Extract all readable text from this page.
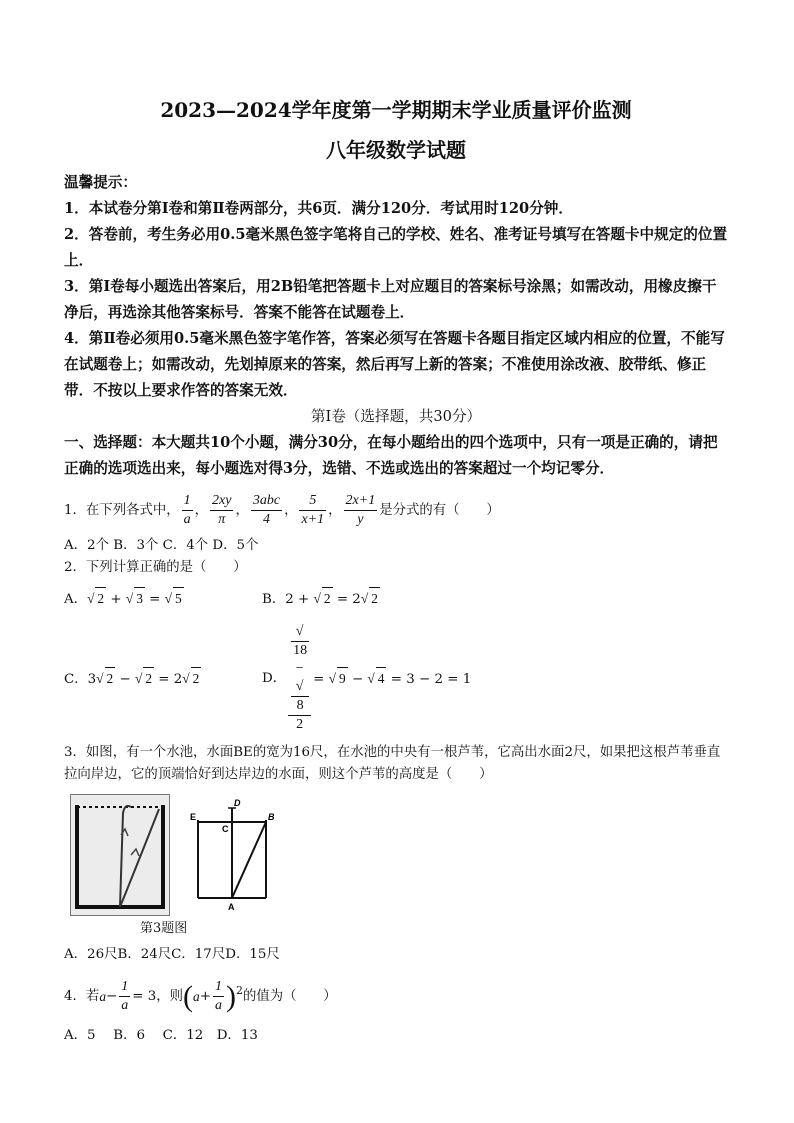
2023—2024学年度第一学期期末学业质量评价监测

八年级数学试题

温馨提示：

1．本试卷分第Ⅰ卷和第Ⅱ卷两部分，共6页．满分120分．考试用时120分钟．

2．答卷前，考生务必用0.5毫米黑色签字笔将自己的学校、姓名、准考证号填写在答题卡中规定的位置上．

3．第Ⅰ卷每小题选出答案后，用2B铅笔把答题卡上对应题目的答案标号涂黑；如需改动，用橡皮擦干净后，再选涂其他答案标号．答案不能答在试题卷上．

4．第Ⅱ卷必须用0.5毫米黑色签字笔作答，答案必须写在答题卡各题目指定区域内相应的位置，不能写在试题卷上；如需改动，先划掉原来的答案，然后再写上新的答案；不准使用涂改液、胶带纸、修正带．不按以上要求作答的答案无效．

第Ⅰ卷（选择题，共30分）

一、选择题：本大题共10个小题，满分30分，在每小题给出的四个选项中，只有一项是正确的，请把正确的选项选出来，每小题选对得3分，选错、不选或选出的答案超过一个均记零分．

1．在下列各式中， $\frac{1}{a}$ ， $\frac{2xy}{\pi}$ ， $\frac{\text{3abc}}{4}$ ， $\frac{5}{x+1}$ ， $\frac{2x+1}{y}$ 是分式的有（　　）

A．2个 B．3个 C．4个 D．5个

2．下列计算正确的是（　　）

A．√ 2 + √ 3 = √ 5	B．2 + √ 2 = 2√ 2
C．3√ 2 − √ 2 = 2√ 2	D． √
18
−
√
8
2 = √ 9 − √ 4 = 3 − 2 = 1

3．如图，有一个水池，水面BE的宽为16尺，在水池的中央有一根芦苇，它高出水面2尺，如果把这根芦苇垂直拉向岸边，它的顶端恰好到达岸边的水面，则这个芦苇的高度是（　　）

E
D
B
C
A

第3题图

A．26尺B．24尺C．17尺D．15尺

4．若 $a - \frac{1}{a} = 3$，则 ( $a + \frac{1}{a} )^2$ 的值为（　　）

A．5　 B．6　 C．12　D．13
